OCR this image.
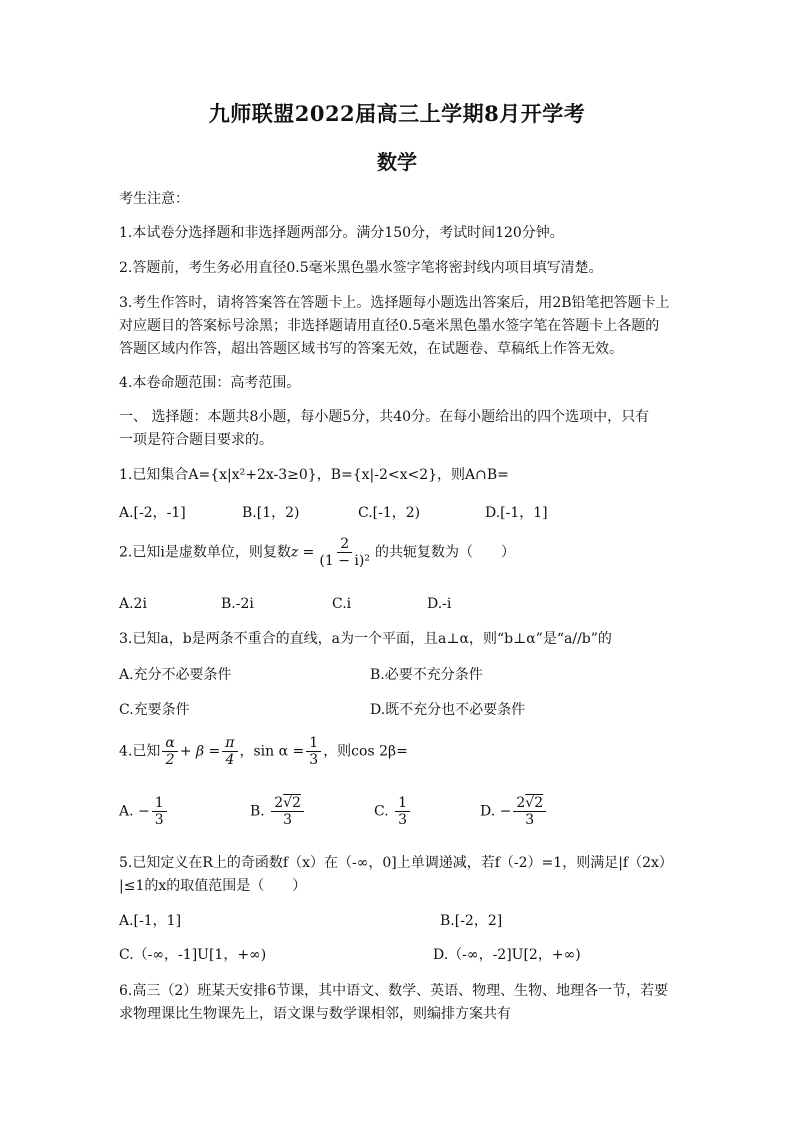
九师联盟2022届高三上学期8月开学考
数学
考生注意：
1.本试卷分选择题和非选择题两部分。满分150分，考试时间120分钟。
2.答题前，考生务必用直径0.5毫米黑色墨水签字笔将密封线内项目填写清楚。
3.考生作答时，请将答案答在答题卡上。选择题每小题选出答案后，用2B铅笔把答题卡上
对应题目的答案标号涂黑；非选择题请用直径0.5毫米黑色墨水签字笔在答题卡上各题的
答题区域内作答，超出答题区域书写的答案无效，在试题卷、草稿纸上作答无效。
4.本卷命题范围：高考范围。
一、 选择题：本题共8小题，每小题5分，共40分。在每小题给出的四个选项中，只有
一项是符合题目要求的。
1.已知集合A={x|x²+2x-3≥0}，B={x|-2<x<2}，则A∩B=
A.[-2，-1]	B.[1，2)	C.[-1，2)	D.[-1，1]
2.已知i是虚数单位，则复数$z = \frac{2}{\text{(1 − i)²}}$ 的共轭复数为（　　）
A.2i	B.-2i	C.i	D.-i
3.已知a，b是两条不重合的直线，a为一个平面，且a⊥α，则“b⊥α”是“a//b”的
A.充分不必要条件	B.必要不充分条件
C.充要条件	D.既不充分也不必要条件
4.已知 $\frac{\alpha}{2} + \beta = \frac{\pi}{4}$ ，$\sin \alpha = \frac{1}{3}$ ，则cos 2β=
A. − $\frac{1}{3}$	B. $\frac{2√2}{3}$	C. $\frac{1}{3}$	D. − $\frac{2√2}{3}$
5.已知定义在R上的奇函数f（x）在（-∞，0]上单调递减，若f（-2）=1，则满足|f（2x）
|≤1的x的取值范围是（　　）
A.[-1，1]	B.[-2，2]
C.（-∞，-1]U[1，+∞)	D.（-∞，-2]U[2，+∞)
6.高三（2）班某天安排6节课，其中语文、数学、英语、物理、生物、地理各一节，若要
求物理课比生物课先上，语文课与数学课相邻，则编排方案共有
